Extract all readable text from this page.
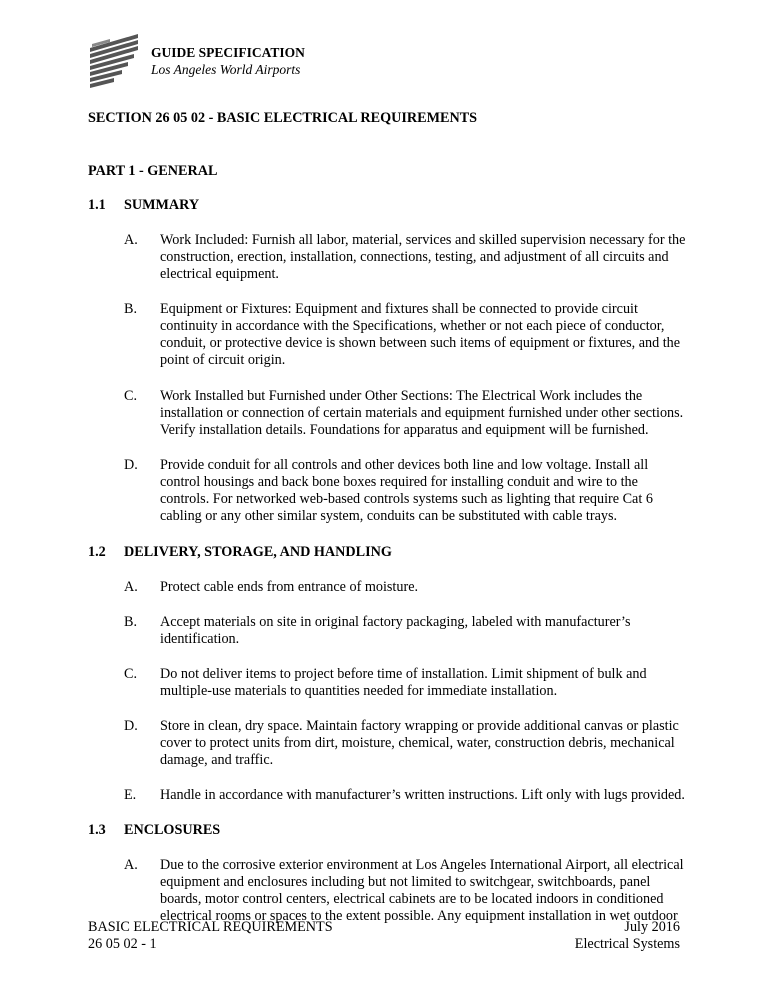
GUIDE SPECIFICATION
Los Angeles World Airports
SECTION 26 05 02 - BASIC ELECTRICAL REQUIREMENTS
PART 1 - GENERAL
1.1 SUMMARY
A. Work Included: Furnish all labor, material, services and skilled supervision necessary for the construction, erection, installation, connections, testing, and adjustment of all circuits and electrical equipment.
B. Equipment or Fixtures: Equipment and fixtures shall be connected to provide circuit continuity in accordance with the Specifications, whether or not each piece of conductor, conduit, or protective device is shown between such items of equipment or fixtures, and the point of circuit origin.
C. Work Installed but Furnished under Other Sections: The Electrical Work includes the installation or connection of certain materials and equipment furnished under other sections. Verify installation details. Foundations for apparatus and equipment will be furnished.
D. Provide conduit for all controls and other devices both line and low voltage. Install all control housings and back bone boxes required for installing conduit and wire to the controls. For networked web-based controls systems such as lighting that require Cat 6 cabling or any other similar system, conduits can be substituted with cable trays.
1.2 DELIVERY, STORAGE, AND HANDLING
A. Protect cable ends from entrance of moisture.
B. Accept materials on site in original factory packaging, labeled with manufacturer’s identification.
C. Do not deliver items to project before time of installation. Limit shipment of bulk and multiple-use materials to quantities needed for immediate installation.
D. Store in clean, dry space. Maintain factory wrapping or provide additional canvas or plastic cover to protect units from dirt, moisture, chemical, water, construction debris, mechanical damage, and traffic.
E. Handle in accordance with manufacturer’s written instructions. Lift only with lugs provided.
1.3 ENCLOSURES
A. Due to the corrosive exterior environment at Los Angeles International Airport, all electrical equipment and enclosures including but not limited to switchgear, switchboards, panel boards, motor control centers, electrical cabinets are to be located indoors in conditioned electrical rooms or spaces to the extent possible. Any equipment installation in wet outdoor
BASIC ELECTRICAL REQUIREMENTS
26 05 02 - 1
July 2016
Electrical Systems
